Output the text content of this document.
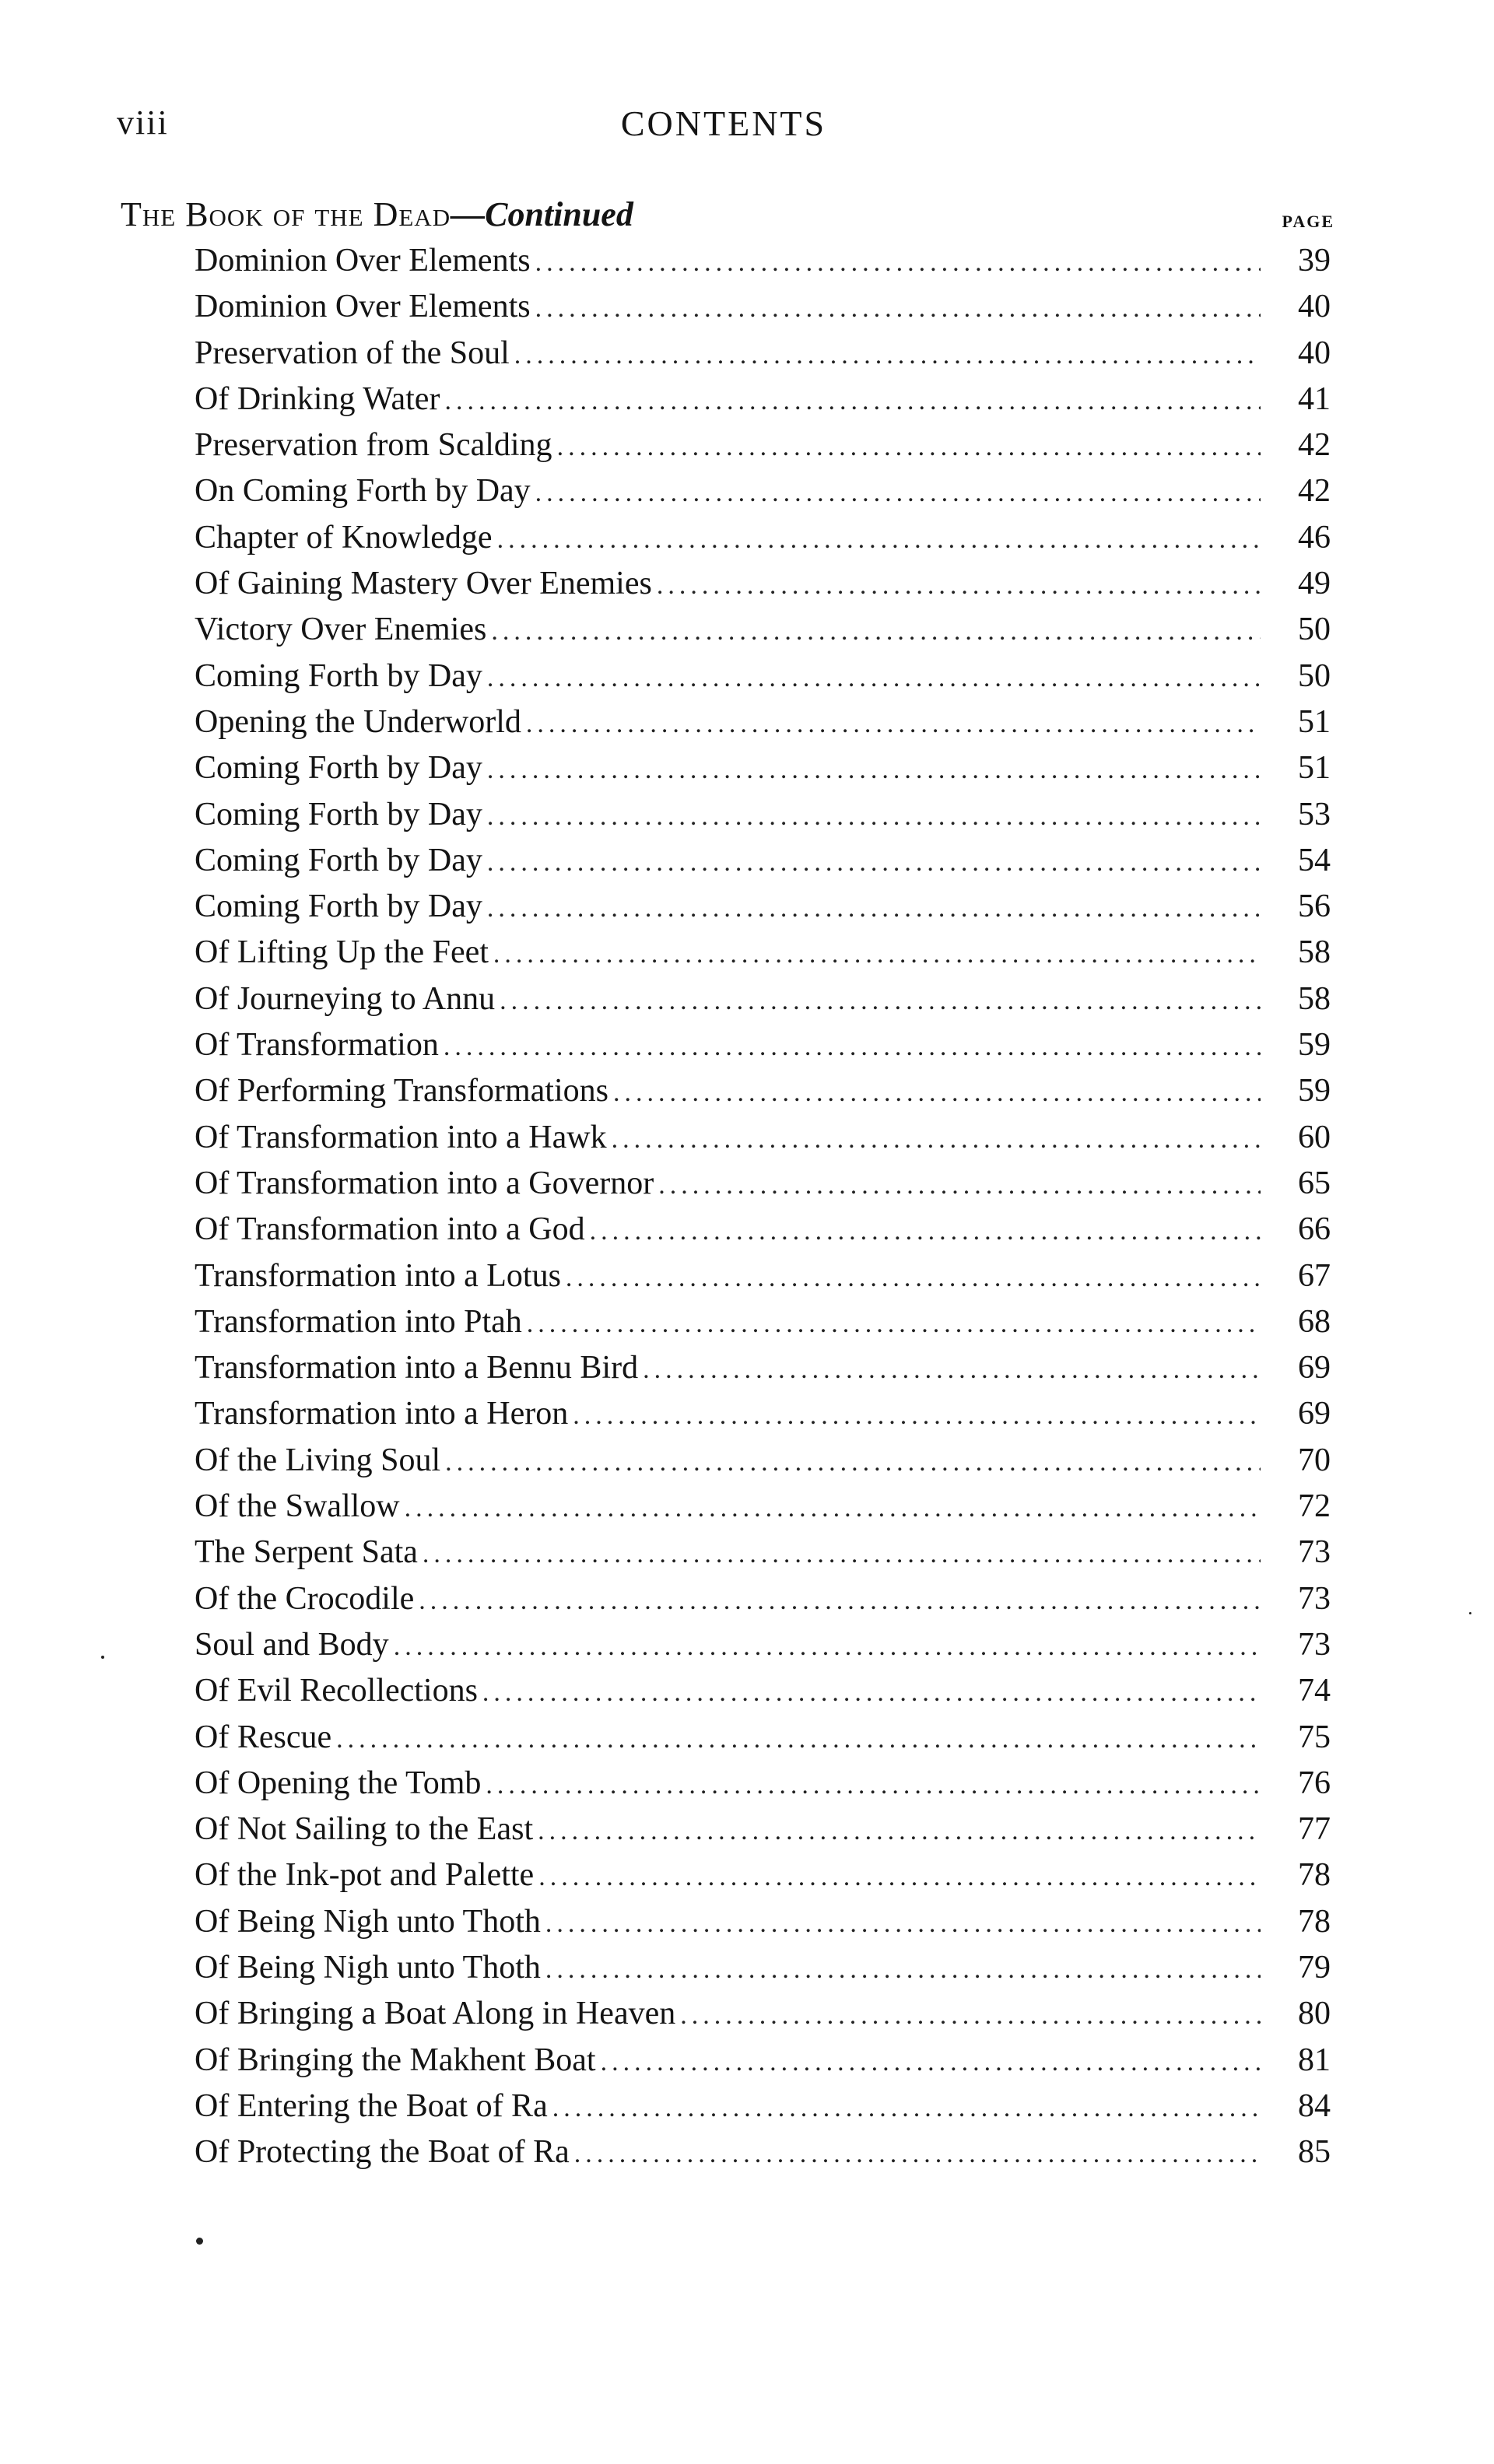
viii	CONTENTS
The Book of the Dead—Continued	PAGE
Dominion Over Elements .....	39
Dominion Over Elements .....	40
Preservation of the Soul .....	40
Of Drinking Water .....	41
Preservation from Scalding .....	42
On Coming Forth by Day .....	42
Chapter of Knowledge .....	46
Of Gaining Mastery Over Enemies .....	49
Victory Over Enemies .....	50
Coming Forth by Day .....	50
Opening the Underworld .....	51
Coming Forth by Day .....	51
Coming Forth by Day .....	53
Coming Forth by Day .....	54
Coming Forth by Day .....	56
Of Lifting Up the Feet .....	58
Of Journeying to Annu .....	58
Of Transformation .....	59
Of Performing Transformations .....	59
Of Transformation into a Hawk .....	60
Of Transformation into a Governor .....	65
Of Transformation into a God .....	66
Transformation into a Lotus .....	67
Transformation into Ptah .....	68
Transformation into a Bennu Bird .....	69
Transformation into a Heron .....	69
Of the Living Soul .....	70
Of the Swallow .....	72
The Serpent Sata .....	73
Of the Crocodile .....	73
Soul and Body .....	73
Of Evil Recollections .....	74
Of Rescue .....	75
Of Opening the Tomb .....	76
Of Not Sailing to the East .....	77
Of the Ink-pot and Palette .....	78
Of Being Nigh unto Thoth .....	78
Of Being Nigh unto Thoth .....	79
Of Bringing a Boat Along in Heaven .....	80
Of Bringing the Makhent Boat .....	81
Of Entering the Boat of Ra .....	84
Of Protecting the Boat of Ra .....	85
